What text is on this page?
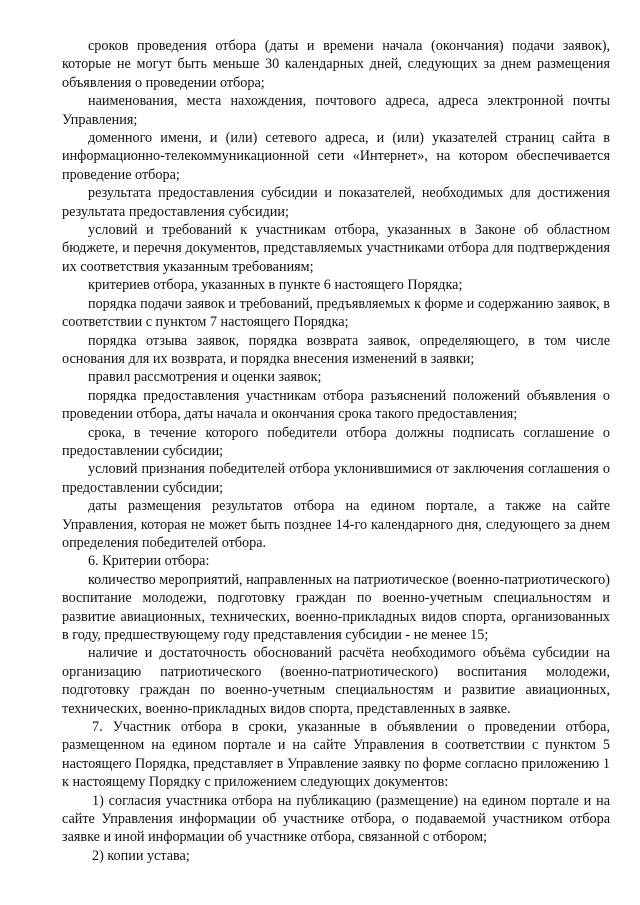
сроков проведения отбора (даты и времени начала (окончания) подачи заявок), которые не могут быть меньше 30 календарных дней, следующих за днем размещения объявления о проведении отбора;

наименования, места нахождения, почтового адреса, адреса электронной почты Управления;

доменного имени, и (или) сетевого адреса, и (или) указателей страниц сайта в информационно-телекоммуникационной сети «Интернет», на котором обеспечивается проведение отбора;

результата предоставления субсидии и показателей, необходимых для достижения результата предоставления субсидии;

условий и требований к участникам отбора, указанных в Законе об областном бюджете, и перечня документов, представляемых участниками отбора для подтверждения их соответствия указанным требованиям;

критериев отбора, указанных в пункте 6 настоящего Порядка;

порядка подачи заявок и требований, предъявляемых к форме и содержанию заявок, в соответствии с пунктом 7 настоящего Порядка;

порядка отзыва заявок, порядка возврата заявок, определяющего, в том числе основания для их возврата, и порядка внесения изменений в заявки;

правил рассмотрения и оценки заявок;

порядка предоставления участникам отбора разъяснений положений объявления о проведении отбора, даты начала и окончания срока такого предоставления;

срока, в течение которого победители отбора должны подписать соглашение о предоставлении субсидии;

условий признания победителей отбора уклонившимися от заключения соглашения о предоставлении субсидии;

даты размещения результатов отбора на едином портале, а также на сайте Управления, которая не может быть позднее 14-го календарного дня, следующего за днем определения победителей отбора.

6. Критерии отбора:

количество мероприятий, направленных на патриотическое (военно-патриотического) воспитание молодежи, подготовку граждан по военно-учетным специальностям и развитие авиационных, технических, военно-прикладных видов спорта, организованных в году, предшествующему году представления субсидии - не менее 15;

наличие и достаточность обоснований расчёта необходимого объёма субсидии на организацию патриотического (военно-патриотического) воспитания молодежи, подготовку граждан по военно-учетным специальностям и развитие авиационных, технических, военно-прикладных видов спорта, представленных в заявке.

7. Участник отбора в сроки, указанные в объявлении о проведении отбора, размещенном на едином портале и на сайте Управления в соответствии с пунктом 5 настоящего Порядка, представляет в Управление заявку по форме согласно приложению 1 к настоящему Порядку с приложением следующих документов:

1) согласия участника отбора на публикацию (размещение) на едином портале и на сайте Управления информации об участнике отбора, о подаваемой участником отбора заявке и иной информации об участнике отбора, связанной с отбором;

2) копии устава;
